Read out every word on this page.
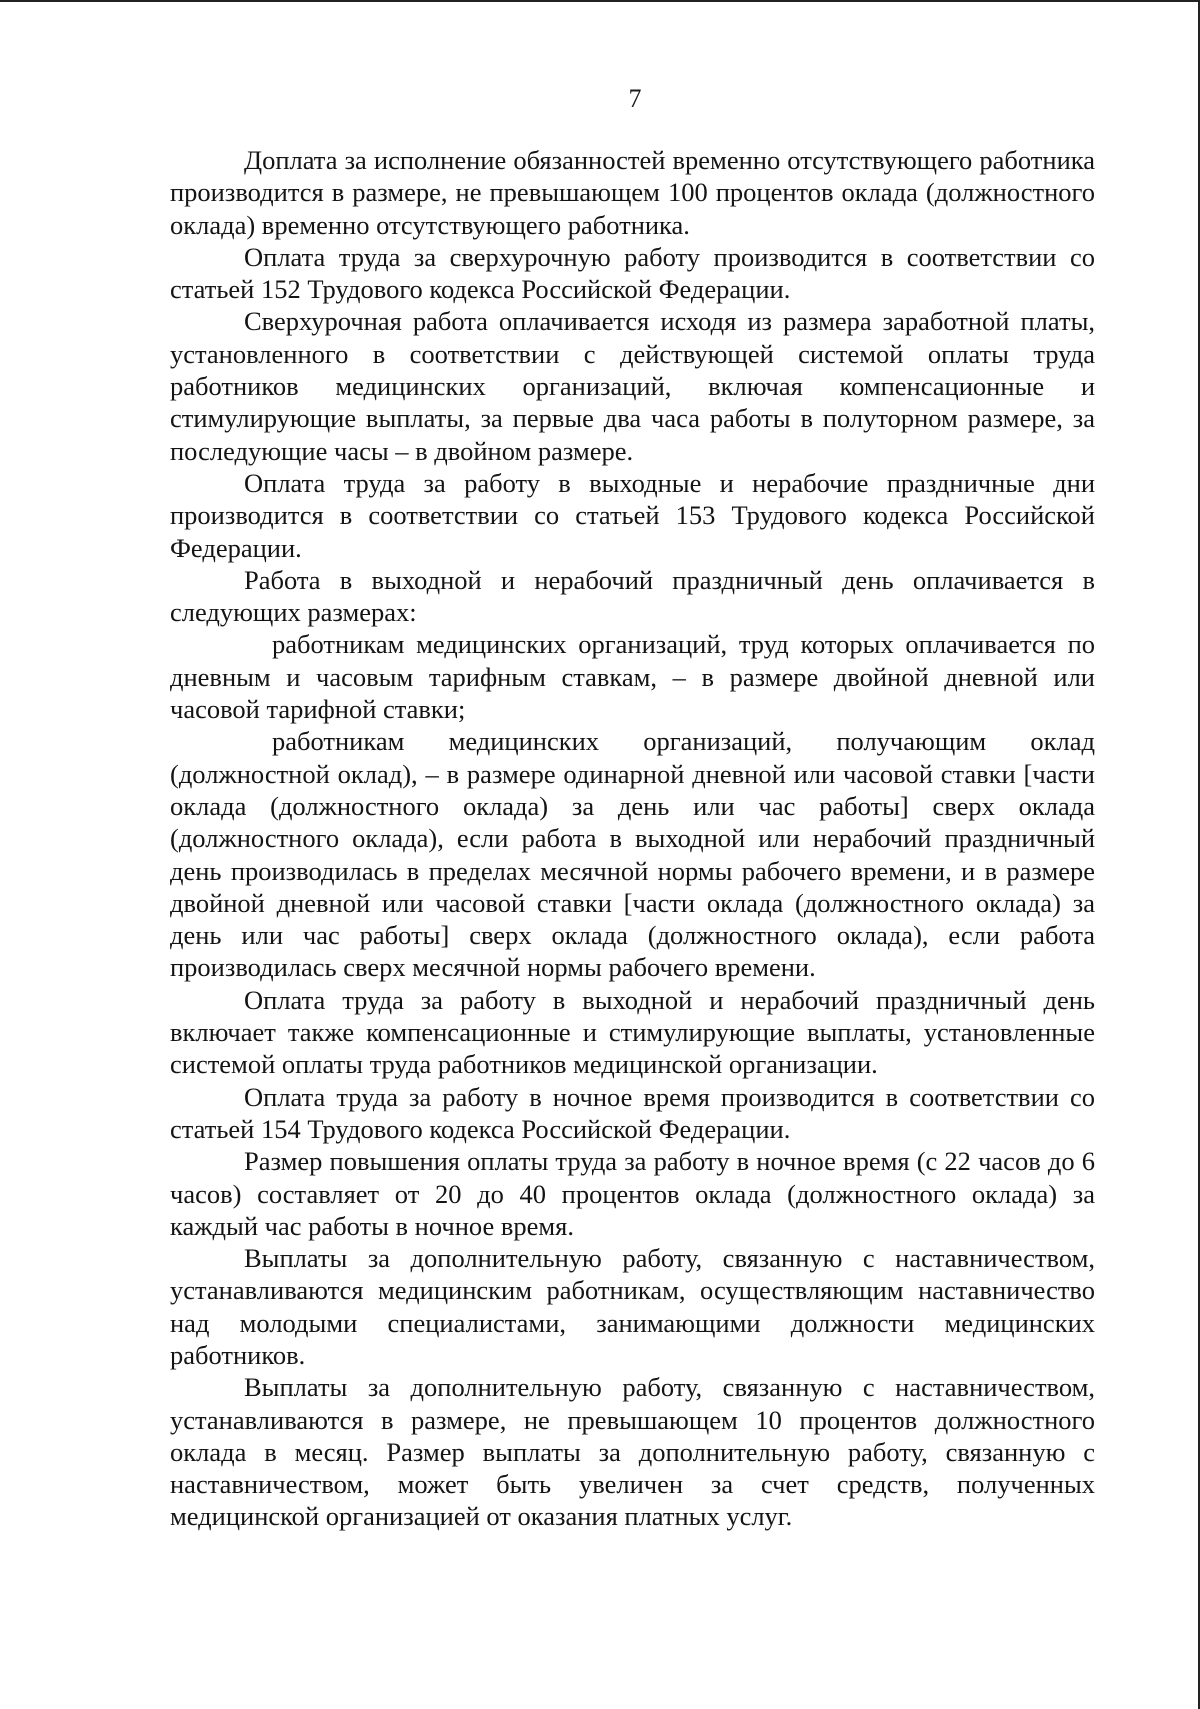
7

Доплата за исполнение обязанностей временно отсутствующего работника производится в размере, не превышающем 100 процентов оклада (должностного оклада) временно отсутствующего работника.

Оплата труда за сверхурочную работу производится в соответствии со статьей 152 Трудового кодекса Российской Федерации.

Сверхурочная работа оплачивается исходя из размера заработной платы, установленного в соответствии с действующей системой оплаты труда работников медицинских организаций, включая компенсационные и стимулирующие выплаты, за первые два часа работы в полуторном размере, за последующие часы – в двойном размере.

Оплата труда за работу в выходные и нерабочие праздничные дни производится в соответствии со статьей 153 Трудового кодекса Российской Федерации.

Работа в выходной и нерабочий праздничный день оплачивается в следующих размерах:

работникам медицинских организаций, труд которых оплачивается по дневным и часовым тарифным ставкам, – в размере двойной дневной или часовой тарифной ставки;

работникам медицинских организаций, получающим оклад (должностной оклад), – в размере одинарной дневной или часовой ставки [части оклада (должностного оклада) за день или час работы] сверх оклада (должностного оклада), если работа в выходной или нерабочий праздничный день производилась в пределах месячной нормы рабочего времени, и в размере двойной дневной или часовой ставки [части оклада (должностного оклада) за день или час работы] сверх оклада (должностного оклада), если работа производилась сверх месячной нормы рабочего времени.

Оплата труда за работу в выходной и нерабочий праздничный день включает также компенсационные и стимулирующие выплаты, установленные системой оплаты труда работников медицинской организации.

Оплата труда за работу в ночное время производится в соответствии со статьей 154 Трудового кодекса Российской Федерации.

Размер повышения оплаты труда за работу в ночное время (с 22 часов до 6 часов) составляет от 20 до 40 процентов оклада (должностного оклада) за каждый час работы в ночное время.

Выплаты за дополнительную работу, связанную с наставничеством, устанавливаются медицинским работникам, осуществляющим наставничество над молодыми специалистами, занимающими должности медицинских работников.

Выплаты за дополнительную работу, связанную с наставничеством, устанавливаются в размере, не превышающем 10 процентов должностного оклада в месяц. Размер выплаты за дополнительную работу, связанную с наставничеством, может быть увеличен за счет средств, полученных медицинской организацией от оказания платных услуг.
